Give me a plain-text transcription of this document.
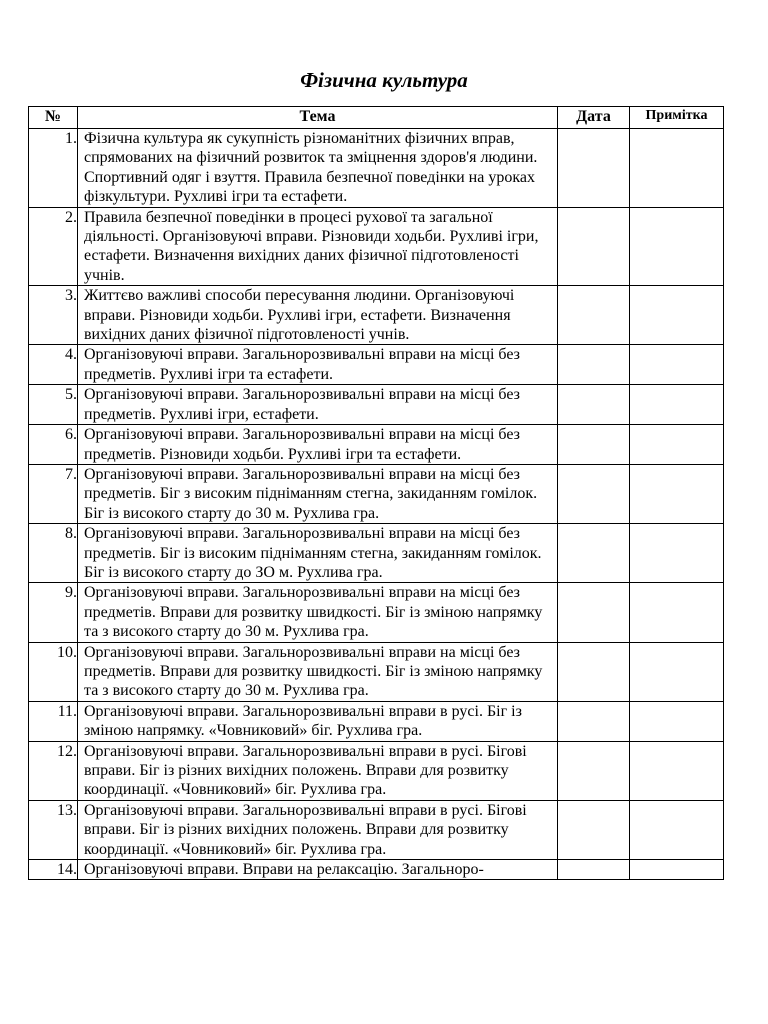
Фізична культура
№	Тема	Дата	Примітка
1.	Фізична культура як сукупність різноманітних фізичних вправ, спрямованих на фізичний розвиток та зміцнення здоров'я людини. Спортивний одяг і взуття. Правила безпечної поведінки на уроках фізкультури. Рухливі ігри та естафети.		
2.	Правила безпечної поведінки в процесі рухової та загальної діяльності. Організовуючі вправи. Різновиди ходьби. Рухливі ігри, естафети. Визначення вихідних даних фізичної підготовленості учнів.		
3.	Життєво важливі способи пересування людини. Організовуючі вправи. Різновиди ходьби. Рухливі ігри, естафети. Визначення вихідних даних фізичної підготовленості учнів.		
4.	Організовуючі вправи. Загальнорозвивальні вправи на місці без предметів. Рухливі ігри та естафети.		
5.	Організовуючі вправи. Загальнорозвивальні вправи на місці без предметів. Рухливі ігри, естафети.		
6.	Організовуючі вправи. Загальнорозвивальні вправи на місці без предметів. Різновиди ходьби. Рухливі ігри та естафети.		
7.	Організовуючі вправи. Загальнорозвивальні вправи на місці без предметів. Біг з високим підніманням стегна, закиданням гомілок. Біг із високого старту до 30 м. Рухлива гра.		
8.	Організовуючі вправи. Загальнорозвивальні вправи на місці без предметів. Біг із високим підніманням стегна, закиданням гомілок. Біг із високого старту до ЗО м. Рухлива гра.		
9.	Організовуючі вправи. Загальнорозвивальні вправи на місці без предметів. Вправи для розвитку швидкості. Біг із зміною напрямку та з високого старту до 30 м. Рухлива гра.		
10.	Організовуючі вправи. Загальнорозвивальні вправи на місці без предметів. Вправи для розвитку швидкості. Біг із зміною напрямку та з високого старту до 30 м. Рухлива гра.		
11.	Організовуючі вправи. Загальнорозвивальні вправи в русі. Біг із зміною напрямку. «Човниковий» біг. Рухлива гра.		
12.	Організовуючі вправи. Загальнорозвивальні вправи в русі. Бігові вправи. Біг із різних вихідних положень. Вправи для розвитку координації. «Човниковий» біг. Рухлива гра.		
13.	Організовуючі вправи. Загальнорозвивальні вправи в русі. Бігові вправи. Біг із різних вихідних положень. Вправи для розвитку координації. «Човниковий» біг. Рухлива гра.		
14.	Організовуючі вправи. Вправи на релаксацію. Загальноро-		
